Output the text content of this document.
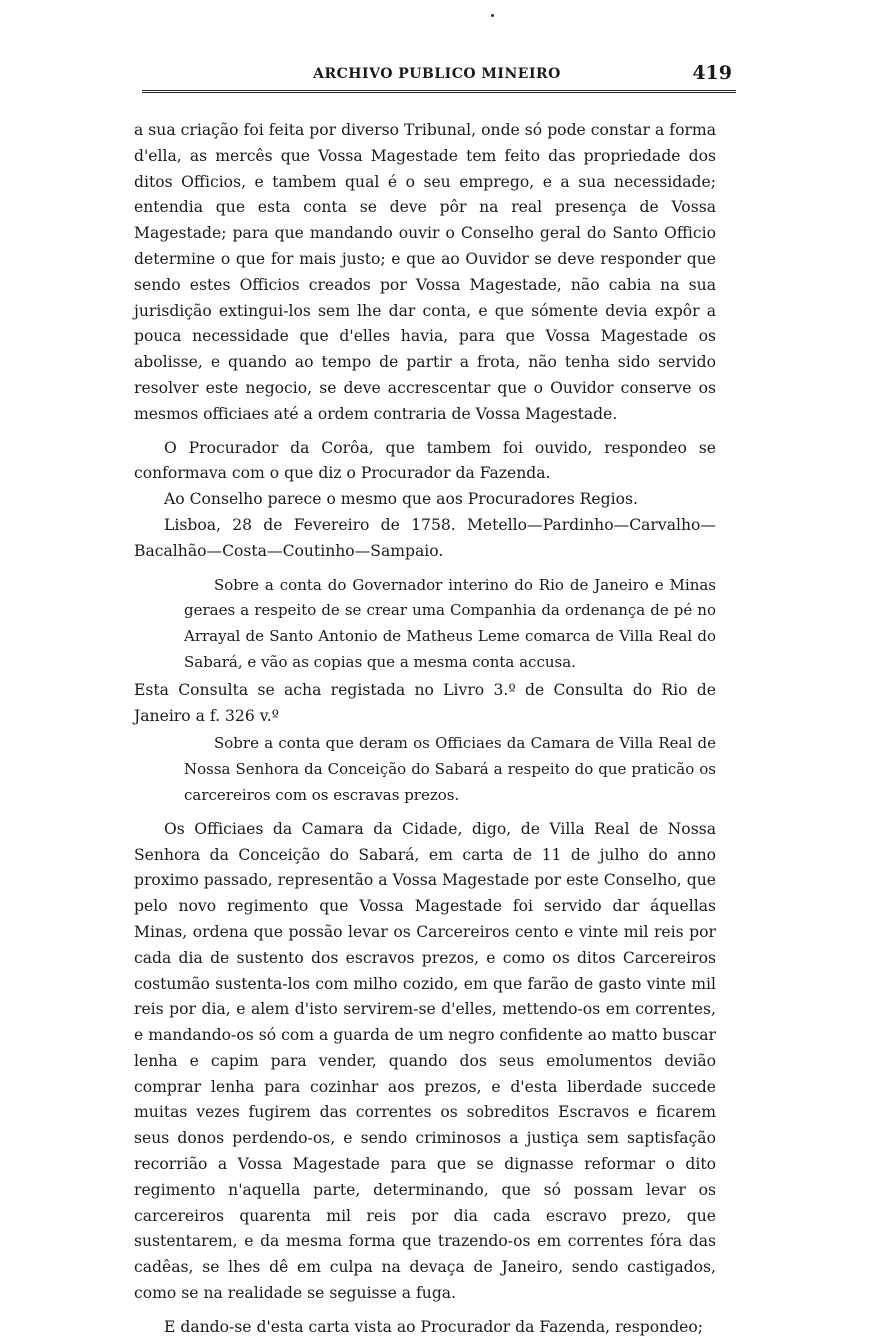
ARCHIVO PUBLICO MINEIRO	419

a sua criação foi feita por diverso Tribunal, onde só pode constar a forma d'ella, as mercês que Vossa Magestade tem feito das propriedade dos ditos Officios, e tambem qual é o seu emprego, e a sua necessidade; entendia que esta conta se deve pôr na real presença de Vossa Magestade; para que mandando ouvir o Conselho geral do Santo Officio determine o que for mais justo; e que ao Ouvidor se deve responder que sendo estes Officios creados por Vossa Magestade, não cabia na sua jurisdição extingui-los sem lhe dar conta, e que sómente devia expôr a pouca necessidade que d'elles havia, para que Vossa Magestade os abolisse, e quando ao tempo de partir a frota, não tenha sido servido resolver este negocio, se deve accrescentar que o Ouvidor conserve os mesmos officiaes até a ordem contraria de Vossa Magestade.

O Procurador da Corôa, que tambem foi ouvido, respondeo se conformava com o que diz o Procurador da Fazenda.

Ao Conselho parece o mesmo que aos Procuradores Regios.

Lisboa, 28 de Fevereiro de 1758. Metello—Pardinho—Carvalho—Bacalhão—Costa—Coutinho—Sampaio.

Sobre a conta do Governador interino do Rio de Janeiro e Minas geraes a respeito de se crear uma Companhia da ordenança de pé no Arrayal de Santo Antonio de Matheus Leme comarca de Villa Real do Sabará, e vão as copias que a mesma conta accusa.

Esta Consulta se acha registada no Livro 3.º de Consulta do Rio de Janeiro a f. 326 v.º

Sobre a conta que deram os Officiaes da Camara de Villa Real de Nossa Senhora da Conceição do Sabará a respeito do que praticão os carcereiros com os escravas prezos.

Os Officiaes da Camara da Cidade, digo, de Villa Real de Nossa Senhora da Conceição do Sabará, em carta de 11 de julho do anno proximo passado, representão a Vossa Magestade por este Conselho, que pelo novo regimento que Vossa Magestade foi servido dar áquellas Minas, ordena que possão levar os Carcereiros cento e vinte mil reis por cada dia de sustento dos escravos prezos, e como os ditos Carcereiros costumão sustenta-los com milho cozido, em que farão de gasto vinte mil reis por dia, e alem d'isto servirem-se d'elles, mettendo-os em correntes, e mandando-os só com a guarda de um negro confidente ao matto buscar lenha e capim para vender, quando dos seus emolumentos devião comprar lenha para cozinhar aos prezos, e d'esta liberdade succede muitas vezes fugirem das correntes os sobreditos Escravos e ficarem seus donos perdendo-os, e sendo criminosos a justiça sem saptisfação recorrião a Vossa Magestade para que se dignasse reformar o dito regimento n'aquella parte, determinando, que só possam levar os carcereiros quarenta mil reis por dia cada escravo prezo, que sustentarem, e da mesma forma que trazendo-os em correntes fóra das cadêas, se lhes dê em culpa na devaça de Janeiro, sendo castigados, como se na realidade se seguisse a fuga.

E dando-se d'esta carta vista ao Procurador da Fazenda, respondeo;
